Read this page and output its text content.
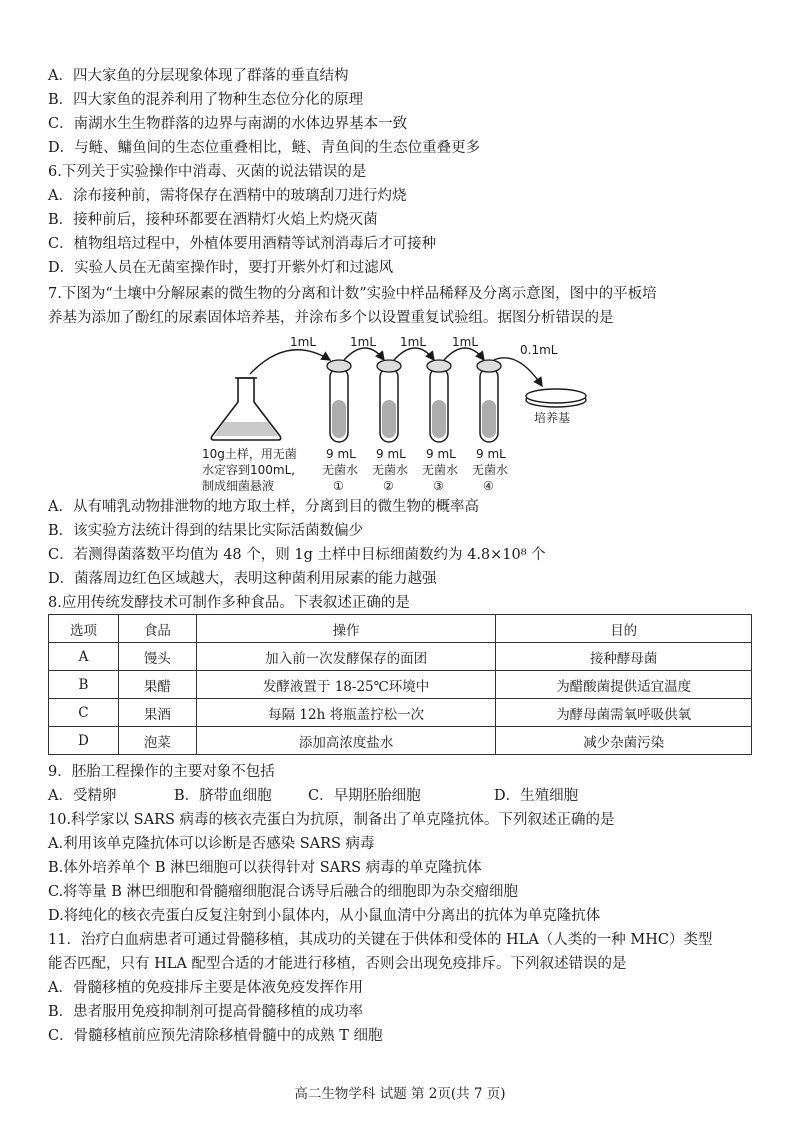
A．四大家鱼的分层现象体现了群落的垂直结构
B．四大家鱼的混养利用了物种生态位分化的原理
C．南湖水生生物群落的边界与南湖的水体边界基本一致
D．与鲢、鳙鱼间的生态位重叠相比，鲢、青鱼间的生态位重叠更多
6.下列关于实验操作中消毒、灭菌的说法错误的是
A．涂布接种前，需将保存在酒精中的玻璃刮刀进行灼烧
B．接种前后，接种环都要在酒精灯火焰上灼烧灭菌
C．植物组培过程中，外植体要用酒精等试剂消毒后才可接种
D．实验人员在无菌室操作时，要打开紫外灯和过滤风
7.下图为“土壤中分解尿素的微生物的分离和计数”实验中样品稀释及分离示意图，图中的平板培
养基为添加了酚红的尿素固体培养基，并涂布多个以设置重复试验组。据图分析错误的是
1mL	1mL 1mL 1mL
0.1mL
培养基
10g土样，用无菌
水定容到100mL,
制成细菌悬液
9 mL
无菌水
①
9 mL
无菌水
②
9 mL
无菌水
③
9 mL
无菌水
④
A．从有哺乳动物排泄物的地方取土样，分离到目的微生物的概率高
B．该实验方法统计得到的结果比实际活菌数偏少
C．若测得菌落数平均值为 48 个，则 1g 土样中目标细菌数约为 4.8×10⁸ 个
D．菌落周边红色区域越大，表明这种菌利用尿素的能力越强
8.应用传统发酵技术可制作多种食品。下表叙述正确的是
选项	食品	操作	目的
A	馒头	加入前一次发酵保存的面团	接种酵母菌
B	果醋	发酵液置于 18-25℃环境中	为醋酸菌提供适宜温度
C	果酒	每隔 12h 将瓶盖拧松一次	为酵母菌需氧呼吸供氧
D	泡菜	添加高浓度盐水	减少杂菌污染
9．胚胎工程操作的主要对象不包括
A．受精卵	B．脐带血细胞	C．早期胚胎细胞	D．生殖细胞
10.科学家以 SARS 病毒的核衣壳蛋白为抗原，制备出了单克隆抗体。下列叙述正确的是
A.利用该单克隆抗体可以诊断是否感染 SARS 病毒
B.体外培养单个 B 淋巴细胞可以获得针对 SARS 病毒的单克隆抗体
C.将等量 B 淋巴细胞和骨髓瘤细胞混合诱导后融合的细胞即为杂交瘤细胞
D.将纯化的核衣壳蛋白反复注射到小鼠体内，从小鼠血清中分离出的抗体为单克隆抗体
11．治疗白血病患者可通过骨髓移植，其成功的关键在于供体和受体的 HLA（人类的一种 MHC）类型
能否匹配，只有 HLA 配型合适的才能进行移植，否则会出现免疫排斥。下列叙述错误的是
A．骨髓移植的免疫排斥主要是体液免疫发挥作用
B．患者服用免疫抑制剂可提高骨髓移植的成功率
C．骨髓移植前应预先清除移植骨髓中的成熟 T 细胞
高二生物学科 试题 第 2页(共 7 页)
